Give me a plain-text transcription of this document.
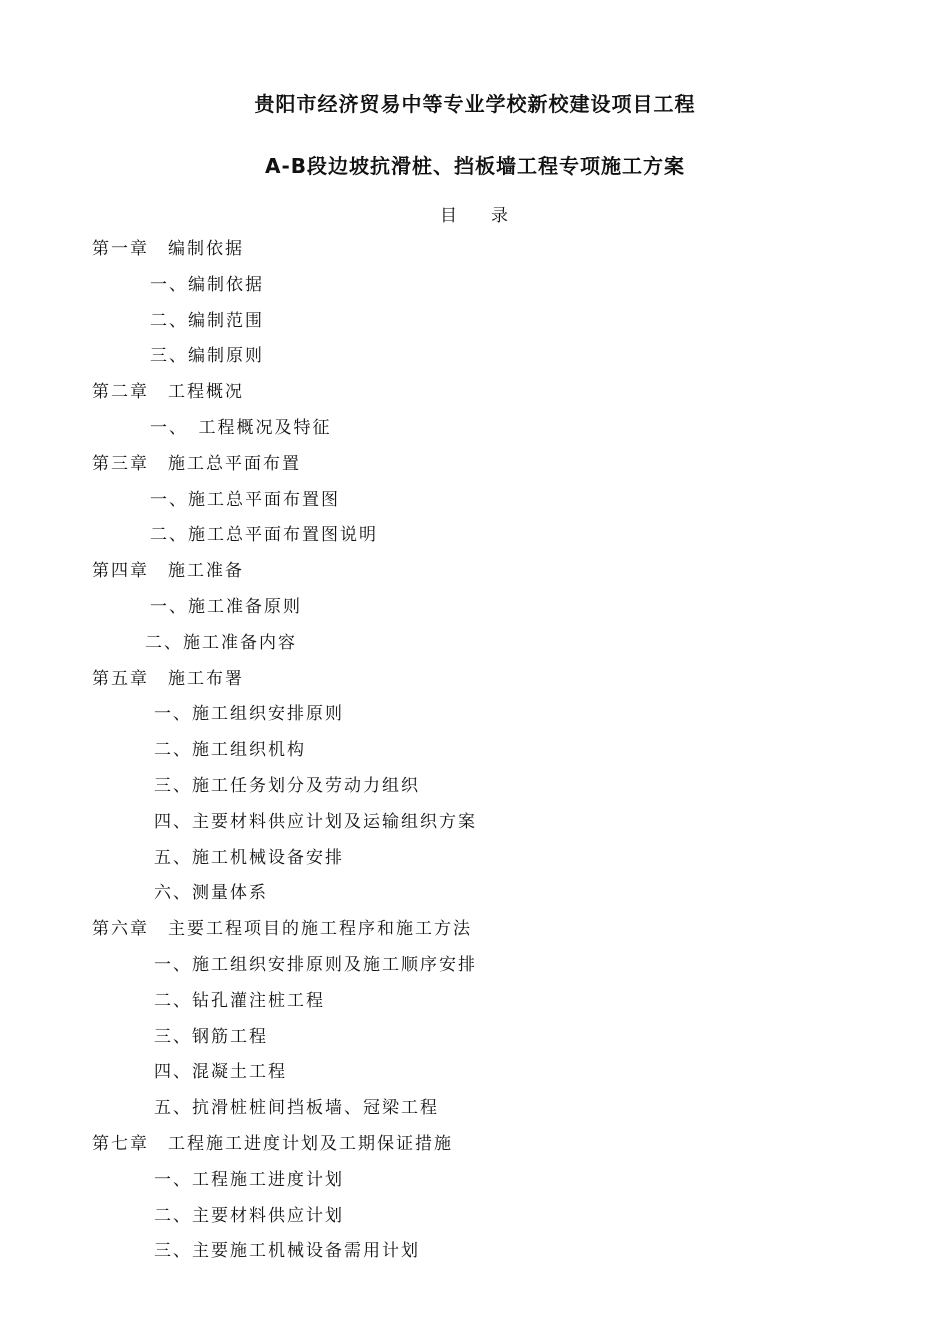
贵阳市经济贸易中等专业学校新校建设项目工程
A-B段边坡抗滑桩、挡板墙工程专项施工方案
目 录
第一章　编制依据
一、编制依据
二、编制范围
三、编制原则
第二章　工程概况
一、　工程概况及特征
第三章　施工总平面布置
一、施工总平面布置图
二、施工总平面布置图说明
第四章　施工准备
一、施工准备原则
二、施工准备内容
第五章　施工布署
一、施工组织安排原则
二、施工组织机构
三、施工任务划分及劳动力组织
四、主要材料供应计划及运输组织方案
五、施工机械设备安排
六、测量体系
第六章　主要工程项目的施工程序和施工方法
一、施工组织安排原则及施工顺序安排
二、钻孔灌注桩工程
三、钢筋工程
四、混凝土工程
五、抗滑桩桩间挡板墙、冠梁工程
第七章　工程施工进度计划及工期保证措施
一、工程施工进度计划
二、主要材料供应计划
三、主要施工机械设备需用计划
